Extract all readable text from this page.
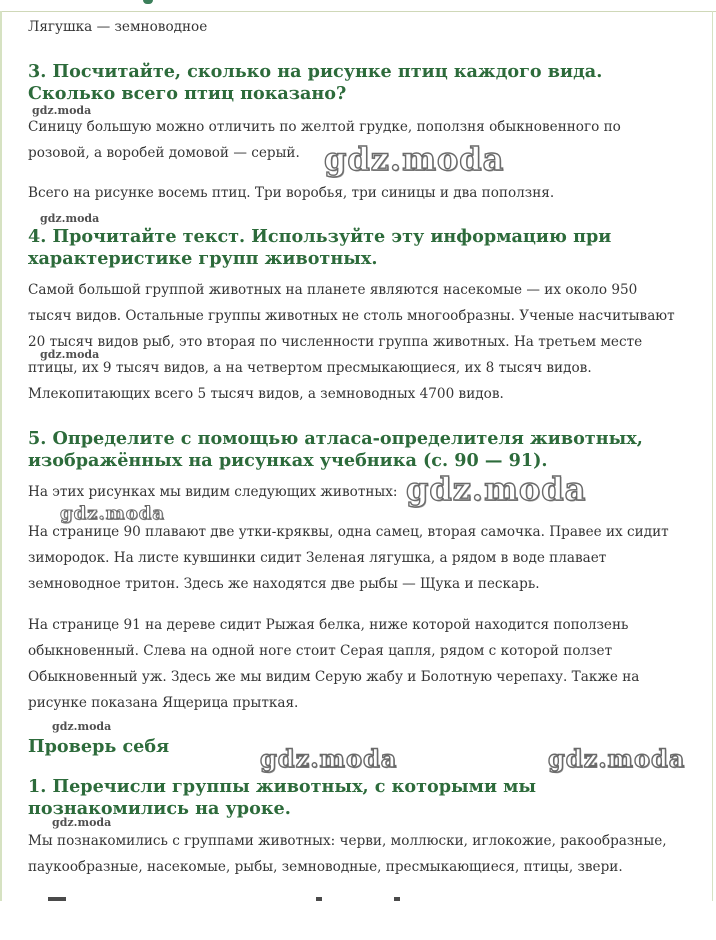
Лягушка — земноводное

3. Посчитайте, сколько на рисунке птиц каждого вида. Сколько всего птиц показано?
gdz.moda

Синицу большую можно отличить по желтой грудке, поползня обыкновенного по розовой, а воробей домовой — серый. gdz.moda

Всего на рисунке восемь птиц. Три воробья, три синицы и два поползня.

gdz.moda
4. Прочитайте текст. Используйте эту информацию при характеристике групп животных.

Самой большой группой животных на планете являются насекомые — их около 950 тысяч видов. Остальные группы животных не столь многообразны. Ученые насчитывают 20 тысяч видов рыб, это вторая по численности группа животных. На третьем месте птицы, их 9 тысяч видов, а на четвертом пресмыкающиеся, их 8 тысяч видов. Млекопитающих всего 5 тысяч видов, а земноводных 4700 видов.

gdz.moda
5. Определите с помощью атласа-определителя животных, изображённых на рисунках учебника (с. 90 — 91).

На этих рисунках мы видим следующих животных: gdz.moda
gdz.moda

На странице 90 плавают две утки-кряквы, одна самец, вторая самочка. Правее их сидит зимородок. На листе кувшинки сидит Зеленая лягушка, а рядом в воде плавает земноводное тритон. Здесь же находятся две рыбы — Щука и пескарь.

На странице 91 на дереве сидит Рыжая белка, ниже которой находится поползень обыкновенный. Слева на одной ноге стоит Серая цапля, рядом с которой ползет Обыкновенный уж. Здесь же мы видим Серую жабу и Болотную черепаху. Также на рисунке показана Ящерица прыткая.

gdz.moda
Проверь себя	gdz.moda	gdz.moda
1. Перечисли группы животных, с которыми мы познакомились на уроке.
gdz.moda

Мы познакомились с группами животных: черви, моллюски, иглокожие, ракообразные, паукообразные, насекомые, рыбы, земноводные, пресмыкающиеся, птицы, звери.
